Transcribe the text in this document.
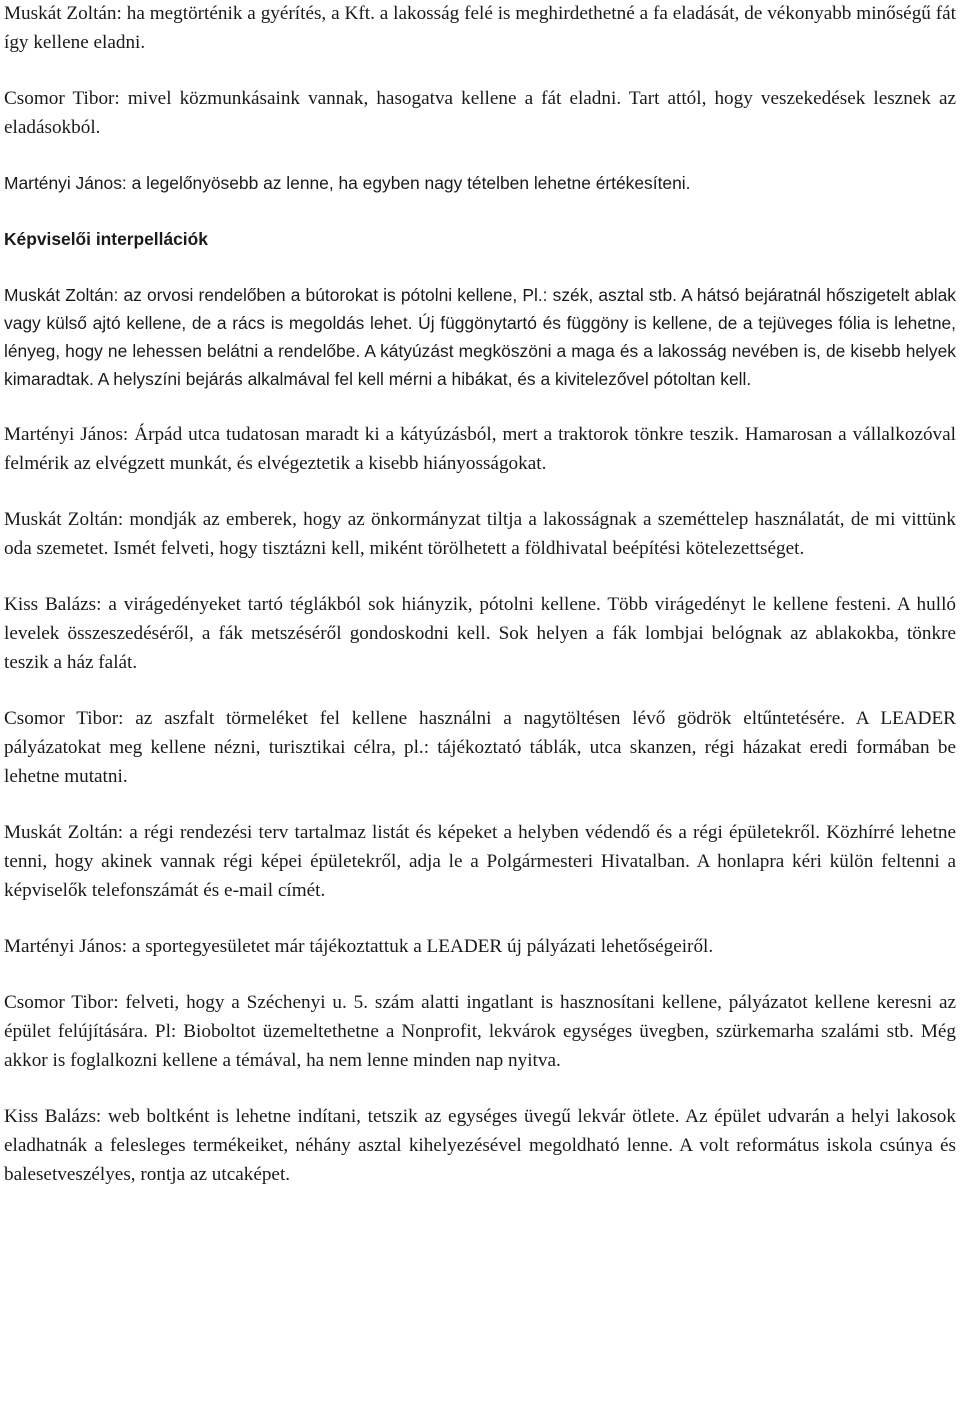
Muskát Zoltán: ha megtörténik a gyérítés, a Kft. a lakosság felé is meghirdethetné a fa eladását, de vékonyabb minőségű fát így kellene eladni.

Csomor Tibor: mivel közmunkásaink vannak, hasogatva kellene a fát eladni. Tart attól, hogy veszekedések lesznek az eladásokból.

Martényi János: a legelőnyösebb az lenne, ha egyben nagy tételben lehetne értékesíteni.

Képviselői interpellációk

Muskát Zoltán: az orvosi rendelőben a bútorokat is pótolni kellene, Pl.: szék, asztal stb. A hátsó bejáratnál hőszigetelt ablak vagy külső ajtó kellene, de a rács is megoldás lehet. Új függönytartó és függöny is kellene, de a tejüveges fólia is lehetne, lényeg, hogy ne lehessen belátni a rendelőbe. A kátyúzást megköszöni a maga és a lakosság nevében is, de kisebb helyek kimaradtak. A helyszíni bejárás alkalmával fel kell mérni a hibákat, és a kivitelezővel pótoltan kell.

Martényi János: Árpád utca tudatosan maradt ki a kátyúzásból, mert a traktorok tönkre teszik. Hamarosan a vállalkozóval felmérik az elvégzett munkát, és elvégeztetik a kisebb hiányosságokat.

Muskát Zoltán: mondják az emberek, hogy az önkormányzat tiltja a lakosságnak a szeméttelep használatát, de mi vittünk oda szemetet. Ismét felveti, hogy tisztázni kell, miként törölhetett a földhivatal beépítési kötelezettséget.

Kiss Balázs: a virágedényeket tartó téglákból sok hiányzik, pótolni kellene. Több virágedényt le kellene festeni. A hulló levelek összeszedéséről, a fák metszéséről gondoskodni kell. Sok helyen a fák lombjai belógnak az ablakokba, tönkre teszik a ház falát.

Csomor Tibor: az aszfalt törmeléket fel kellene használni a nagytöltésen lévő gödrök eltűntetésére. A LEADER pályázatokat meg kellene nézni, turisztikai célra, pl.: tájékoztató táblák, utca skanzen, régi házakat eredi formában be lehetne mutatni.

Muskát Zoltán: a régi rendezési terv tartalmaz listát és képeket a helyben védendő és a régi épületekről. Közhírré lehetne tenni, hogy akinek vannak régi képei épületekről, adja le a Polgármesteri Hivatalban. A honlapra kéri külön feltenni a képviselők telefonszámát és e-mail címét.

Martényi János: a sportegyesületet már tájékoztattuk a LEADER új pályázati lehetőségeiről.

Csomor Tibor: felveti, hogy a Széchenyi u. 5. szám alatti ingatlant is hasznosítani kellene, pályázatot kellene keresni az épület felújítására. Pl: Bioboltot üzemeltethetne a Nonprofit, lekvárok egységes üvegben, szürkemarha szalámi stb. Még akkor is foglalkozni kellene a témával, ha nem lenne minden nap nyitva.

Kiss Balázs: web boltként is lehetne indítani, tetszik az egységes üvegű lekvár ötlete. Az épület udvarán a helyi lakosok eladhatnák a felesleges termékeiket, néhány asztal kihelyezésével megoldható lenne. A volt református iskola csúnya és balesetveszélyes, rontja az utcaképet.
